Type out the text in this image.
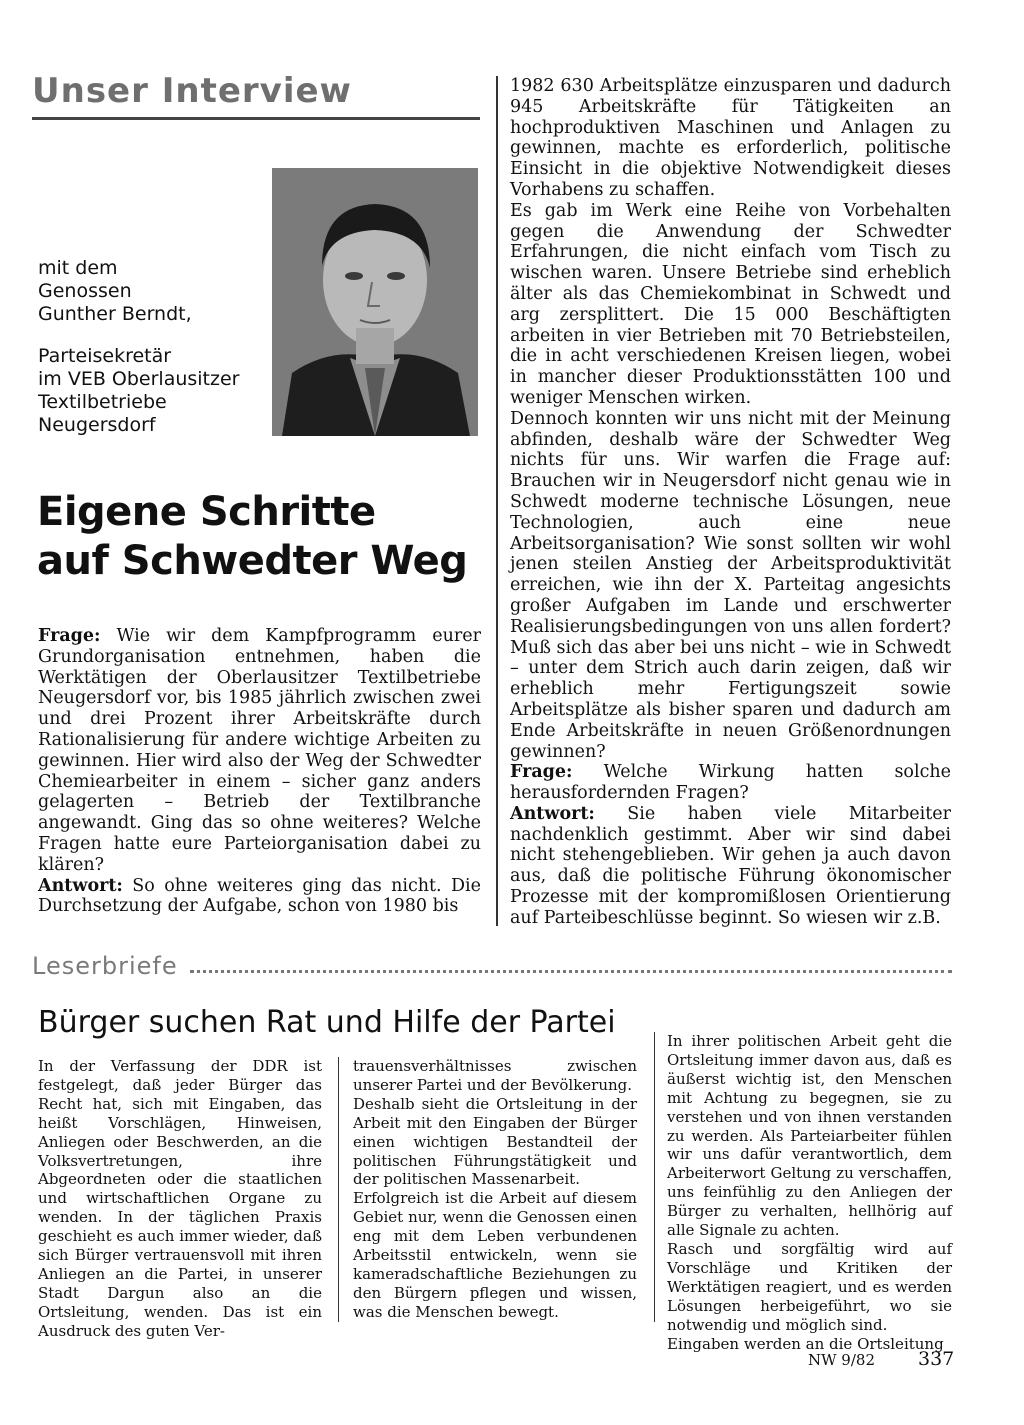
Unser Interview

mit dem
Genossen
Gunther Berndt,

Parteisekretär
im VEB Oberlausitzer
Textilbetriebe
Neugersdorf

Eigene Schritte
auf Schwedter Weg

Frage: Wie wir dem Kampfprogramm eurer Grundorganisation entnehmen, haben die Werktätigen der Oberlausitzer Textilbetriebe Neugersdorf vor, bis 1985 jährlich zwischen zwei und drei Prozent ihrer Arbeitskräfte durch Rationalisierung für andere wichtige Arbeiten zu gewinnen. Hier wird also der Weg der Schwedter Chemiearbeiter in einem – sicher ganz anders gelagerten – Betrieb der Textilbranche angewandt. Ging das so ohne weiteres? Welche Fragen hatte eure Parteiorganisation dabei zu klären?

Antwort: So ohne weiteres ging das nicht. Die Durchsetzung der Aufgabe, schon von 1980 bis

1982 630 Arbeitsplätze einzusparen und dadurch 945 Arbeitskräfte für Tätigkeiten an hochproduktiven Maschinen und Anlagen zu gewinnen, machte es erforderlich, politische Einsicht in die objektive Notwendigkeit dieses Vorhabens zu schaffen.

Es gab im Werk eine Reihe von Vorbehalten gegen die Anwendung der Schwedter Erfahrungen, die nicht einfach vom Tisch zu wischen waren. Unsere Betriebe sind erheblich älter als das Chemiekombinat in Schwedt und arg zersplittert. Die 15 000 Beschäftigten arbeiten in vier Betrieben mit 70 Betriebsteilen, die in acht verschiedenen Kreisen liegen, wobei in mancher dieser Produktionsstätten 100 und weniger Menschen wirken.

Dennoch konnten wir uns nicht mit der Meinung abfinden, deshalb wäre der Schwedter Weg nichts für uns. Wir warfen die Frage auf: Brauchen wir in Neugersdorf nicht genau wie in Schwedt moderne technische Lösungen, neue Technologien, auch eine neue Arbeitsorganisation? Wie sonst sollten wir wohl jenen steilen Anstieg der Arbeitsproduktivität erreichen, wie ihn der X. Parteitag angesichts großer Aufgaben im Lande und erschwerter Realisierungsbedingungen von uns allen fordert? Muß sich das aber bei uns nicht – wie in Schwedt – unter dem Strich auch darin zeigen, daß wir erheblich mehr Fertigungszeit sowie Arbeitsplätze als bisher sparen und dadurch am Ende Arbeitskräfte in neuen Größenordnungen gewinnen?

Frage: Welche Wirkung hatten solche herausfordernden Fragen?

Antwort: Sie haben viele Mitarbeiter nachdenklich gestimmt. Aber wir sind dabei nicht stehengeblieben. Wir gehen ja auch davon aus, daß die politische Führung ökonomischer Prozesse mit der kompromißlosen Orientierung auf Parteibeschlüsse beginnt. So wiesen wir z.B.

Leserbriefe
Bürger suchen Rat und Hilfe der Partei

In der Verfassung der DDR ist festgelegt, daß jeder Bürger das Recht hat, sich mit Eingaben, das heißt Vorschlägen, Hinweisen, Anliegen oder Beschwerden, an die Volksvertretungen, ihre Abgeordneten oder die staatlichen und wirtschaftlichen Organe zu wenden. In der täglichen Praxis geschieht es auch immer wieder, daß sich Bürger vertrauensvoll mit ihren Anliegen an die Partei, in unserer Stadt Dargun also an die Ortsleitung, wenden. Das ist ein Ausdruck des guten Ver-

trauensverhältnisses zwischen unserer Partei und der Bevölkerung.

Deshalb sieht die Ortsleitung in der Arbeit mit den Eingaben der Bürger einen wichtigen Bestandteil der politischen Führungstätigkeit und der politischen Massenarbeit.

Erfolgreich ist die Arbeit auf diesem Gebiet nur, wenn die Genossen einen eng mit dem Leben verbundenen Arbeitsstil entwickeln, wenn sie kameradschaftliche Beziehungen zu den Bürgern pflegen und wissen, was die Menschen bewegt.

In ihrer politischen Arbeit geht die Ortsleitung immer davon aus, daß es äußerst wichtig ist, den Menschen mit Achtung zu begegnen, sie zu verstehen und von ihnen verstanden zu werden. Als Parteiarbeiter fühlen wir uns dafür verantwortlich, dem Arbeiterwort Geltung zu verschaffen, uns feinfühlig zu den Anliegen der Bürger zu verhalten, hellhörig auf alle Signale zu achten.

Rasch und sorgfältig wird auf Vorschläge und Kritiken der Werktätigen reagiert, und es werden Lösungen herbeigeführt, wo sie notwendig und möglich sind.

Eingaben werden an die Ortsleitung

NW 9/82 337
